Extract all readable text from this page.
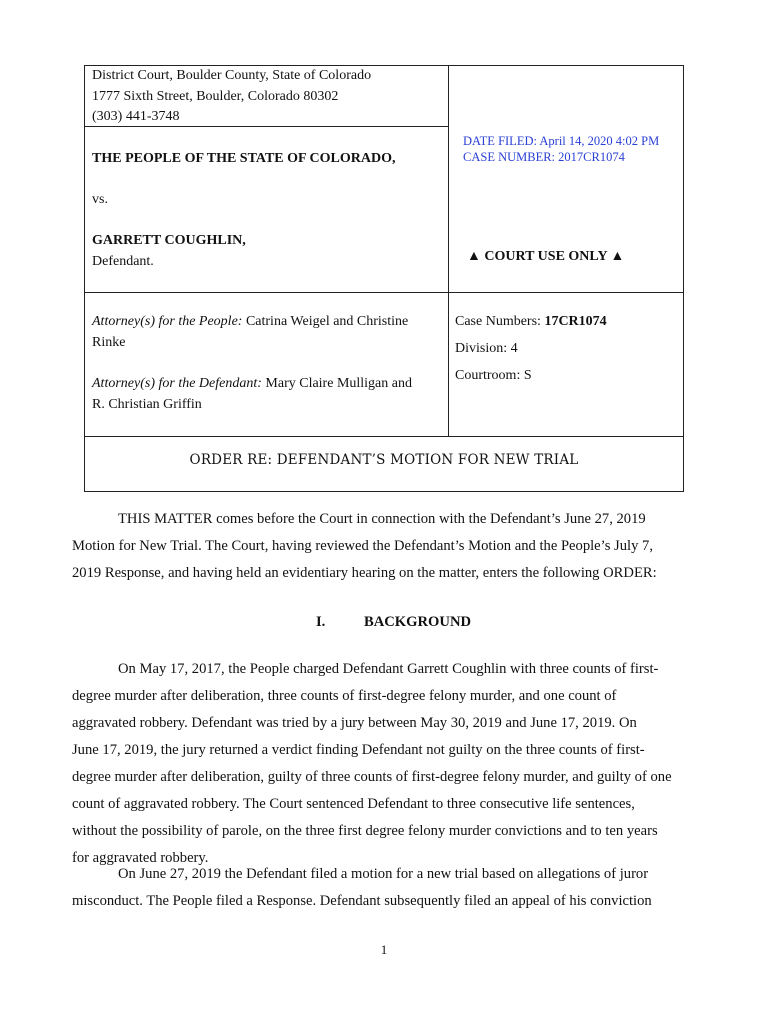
District Court, Boulder County, State of Colorado
1777 Sixth Street, Boulder, Colorado 80302
(303) 441-3748
THE PEOPLE OF THE STATE OF COLORADO,
vs.
GARRETT COUGHLIN,
Defendant.
DATE FILED: April 14, 2020 4:02 PM
CASE NUMBER: 2017CR1074
▲ COURT USE ONLY ▲
Attorney(s) for the People: Catrina Weigel and Christine
Rinke
Attorney(s) for the Defendant: Mary Claire Mulligan and
R. Christian Griffin
Case Numbers: 17CR1074
Division: 4
Courtroom: S
ORDER RE: DEFENDANT’S MOTION FOR NEW TRIAL

THIS MATTER comes before the Court in connection with the Defendant’s June 27, 2019
Motion for New Trial. The Court, having reviewed the Defendant’s Motion and the People’s July 7,
2019 Response, and having held an evidentiary hearing on the matter, enters the following ORDER:

I.	BACKGROUND

On May 17, 2017, the People charged Defendant Garrett Coughlin with three counts of first-
degree murder after deliberation, three counts of first-degree felony murder, and one count of
aggravated robbery. Defendant was tried by a jury between May 30, 2019 and June 17, 2019. On
June 17, 2019, the jury returned a verdict finding Defendant not guilty on the three counts of first-
degree murder after deliberation, guilty of three counts of first-degree felony murder, and guilty of one
count of aggravated robbery. The Court sentenced Defendant to three consecutive life sentences,
without the possibility of parole, on the three first degree felony murder convictions and to ten years
for aggravated robbery.

On June 27, 2019 the Defendant filed a motion for a new trial based on allegations of juror
misconduct. The People filed a Response. Defendant subsequently filed an appeal of his conviction

1
